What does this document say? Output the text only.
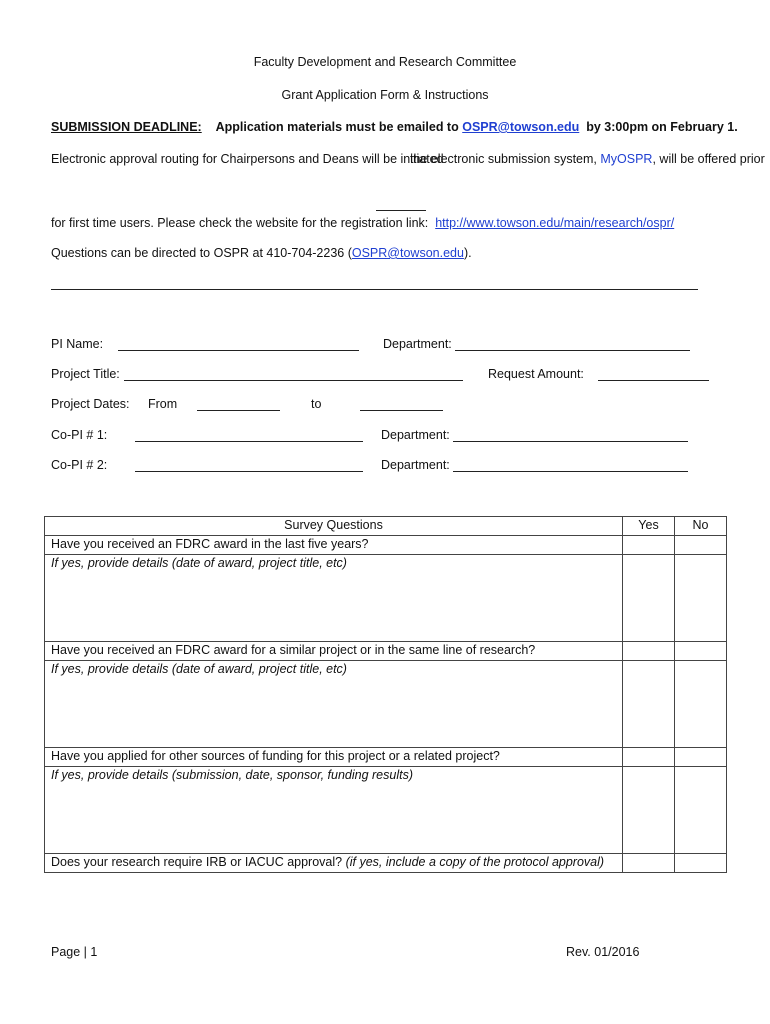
Faculty Development and Research Committee
Grant Application Form & Instructions
SUBMISSION DEADLINE: Application materials must be emailed to OSPR@towson.edu by 3:00pm on February 1.
Electronic approval routing for Chairpersons and Deans will be initiated
the electronic submission system, MyOSPR, will be offered prior
for first time users. Please check the website for the registration link: http://www.towson.edu/main/research/ospr/
Questions can be directed to OSPR at 410-704-2236 (OSPR@towson.edu).
PI Name:	Department:
Project Title:	Request Amount:
Project Dates: From	to
Co-PI # 1:	Department:
Co-PI # 2:	Department:
Survey Questions	Yes	No
Have you received an FDRC award in the last five years?		
If yes, provide details (date of award, project title, etc)		
Have you received an FDRC award for a similar project or in the same line of research?		
If yes, provide details (date of award, project title, etc)		
Have you applied for other sources of funding for this project or a related project?		
If yes, provide details (submission, date, sponsor, funding results)		
Does your research require IRB or IACUC approval? (if yes, include a copy of the protocol approval)		
Page | 1	Rev. 01/2016
